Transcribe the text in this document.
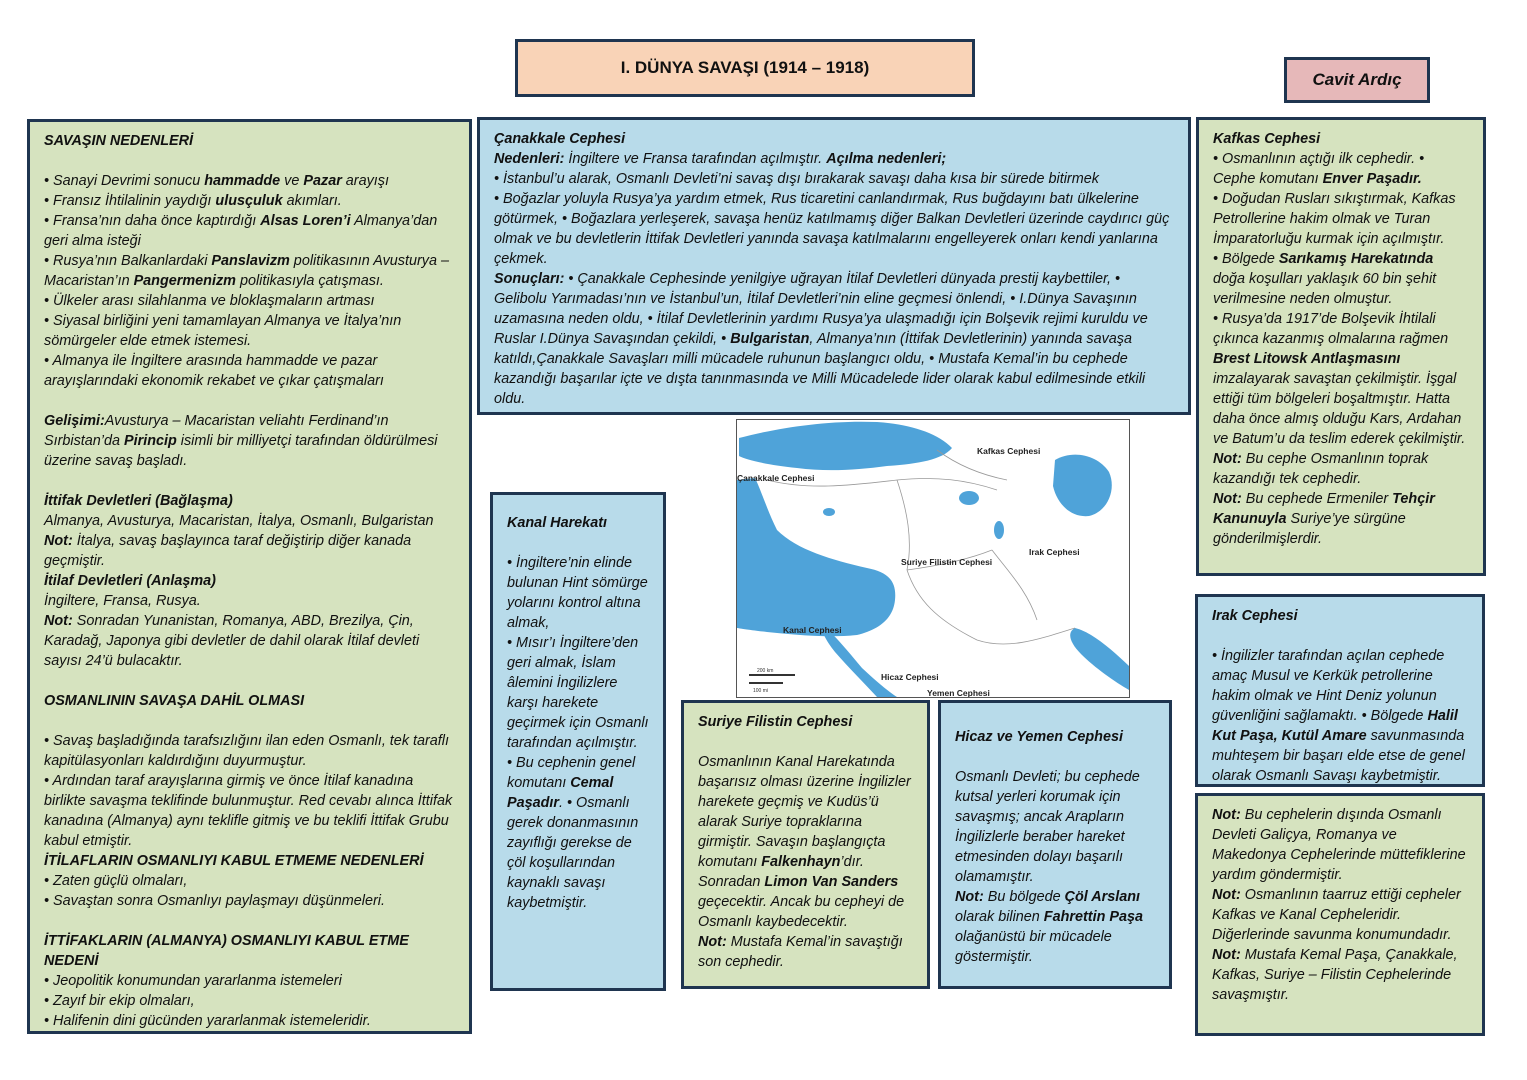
I. DÜNYA SAVAŞI (1914 – 1918)
Cavit Ardıç

SAVAŞIN NEDENLERİ

• Sanayi Devrimi sonucu hammadde ve Pazar arayışı

• Fransız İhtilalinin yaydığı ulusçuluk akımları.

• Fransa’nın daha önce kaptırdığı Alsas Loren’i Almanya’dan geri alma isteği

• Rusya’nın Balkanlardaki Panslavizm politikasının Avusturya – Macaristan’ın Pangermenizm politikasıyla çatışması.

• Ülkeler arası silahlanma ve bloklaşmaların artması

• Siyasal birliğini yeni tamamlayan Almanya ve İtalya’nın sömürgeler elde etmek istemesi.

• Almanya ile İngiltere arasında hammadde ve pazar arayışlarındaki ekonomik rekabet ve çıkar çatışmaları

Gelişimi:Avusturya – Macaristan veliahtı Ferdinand’ın Sırbistan’da Pirincip isimli bir milliyetçi tarafından öldürülmesi üzerine savaş başladı.

İttifak Devletleri (Bağlaşma)

Almanya, Avusturya, Macaristan, İtalya, Osmanlı, Bulgaristan

Not: İtalya, savaş başlayınca taraf değiştirip diğer kanada geçmiştir.

İtilaf Devletleri (Anlaşma)

İngiltere, Fransa, Rusya.

Not: Sonradan Yunanistan, Romanya, ABD, Brezilya, Çin, Karadağ, Japonya gibi devletler de dahil olarak İtilaf devleti sayısı 24’ü bulacaktır.

OSMANLININ SAVAŞA DAHİL OLMASI

• Savaş başladığında tarafsızlığını ilan eden Osmanlı, tek taraflı kapitülasyonları kaldırdığını duyurmuştur.

• Ardından taraf arayışlarına girmiş ve önce İtilaf kanadına birlikte savaşma teklifinde bulunmuştur. Red cevabı alınca İttifak kanadına (Almanya) aynı teklifle gitmiş ve bu teklifi İttifak Grubu kabul etmiştir.

İTİLAFLARIN OSMANLIYI KABUL ETMEME NEDENLERİ

• Zaten güçlü olmaları,

• Savaştan sonra Osmanlıyı paylaşmayı düşünmeleri.

İTTİFAKLARIN (ALMANYA) OSMANLIYI KABUL ETME NEDENİ

• Jeopolitik konumundan yararlanma istemeleri

• Zayıf bir ekip olmaları,

• Halifenin dini gücünden yararlanmak istemeleridir.

Çanakkale Cephesi

Nedenleri: İngiltere ve Fransa tarafından açılmıştır. Açılma nedenleri;

• İstanbul’u alarak, Osmanlı Devleti’ni savaş dışı bırakarak savaşı daha kısa bir sürede bitirmek

• Boğazlar yoluyla Rusya’ya yardım etmek, Rus ticaretini canlandırmak, Rus buğdayını batı ülkelerine götürmek, • Boğazlara yerleşerek, savaşa henüz katılmamış diğer Balkan Devletleri üzerinde caydırıcı güç olmak ve bu devletlerin İttifak Devletleri yanında savaşa katılmalarını engelleyerek onları kendi yanlarına çekmek.

Sonuçları: • Çanakkale Cephesinde yenilgiye uğrayan İtilaf Devletleri dünyada prestij kaybettiler, • Gelibolu Yarımadası’nın ve İstanbul’un, İtilaf Devletleri’nin eline geçmesi önlendi, • I.Dünya Savaşının uzamasına neden oldu, • İtilaf Devletlerinin yardımı Rusya’ya ulaşmadığı için Bolşevik rejimi kuruldu ve Ruslar I.Dünya Savaşından çekildi, • Bulgaristan, Almanya’nın (İttifak Devletlerinin) yanında savaşa katıldı,Çanakkale Savaşları milli mücadele ruhunun başlangıcı oldu, • Mustafa Kemal’in bu cephede kazandığı başarılar içte ve dışta tanınmasında ve Milli Mücadelede lider olarak kabul edilmesinde etkili oldu.

Kafkas Cephesi

• Osmanlının açtığı ilk cephedir. • Cephe komutanı Enver Paşadır.

• Doğudan Rusları sıkıştırmak, Kafkas Petrollerine hakim olmak ve Turan İmparatorluğu kurmak için açılmıştır.

• Bölgede Sarıkamış Harekatında doğa koşulları yaklaşık 60 bin şehit verilmesine neden olmuştur.

• Rusya’da 1917’de Bolşevik İhtilali çıkınca kazanmış olmalarına rağmen Brest Litowsk Antlaşmasını imzalayarak savaştan çekilmiştir. İşgal ettiği tüm bölgeleri boşaltmıştır. Hatta daha önce almış olduğu Kars, Ardahan ve Batum’u da teslim ederek çekilmiştir.

Not: Bu cephe Osmanlının toprak kazandığı tek cephedir.

Not: Bu cephede Ermeniler Tehçir Kanunuyla Suriye’ye sürgüne gönderilmişlerdir.

Kanal Harekatı

• İngiltere’nin elinde bulunan Hint sömürge yolarını kontrol altına almak,

• Mısır’ı İngiltere’den geri almak, İslam âlemini İngilizlere karşı harekete geçirmek için Osmanlı tarafından açılmıştır.

• Bu cephenin genel komutanı Cemal Paşadır. • Osmanlı gerek donanmasının zayıflığı gerekse de çöl koşullarından kaynaklı savaşı kaybetmiştir.

Kafkas Cephesi
Çanakkale Cephesi
Irak Cephesi
Suriye Filistin Cephesi
Kanal Cephesi
Hicaz Cephesi
Yemen Cephesi
200 km
100 mi

Suriye Filistin Cephesi

Osmanlının Kanal Harekatında başarısız olması üzerine İngilizler harekete geçmiş ve Kudüs’ü alarak Suriye topraklarına girmiştir. Savaşın başlangıçta komutanı Falkenhayn’dır. Sonradan Limon Van Sanders geçecektir. Ancak bu cepheyi de Osmanlı kaybedecektir.

Not: Mustafa Kemal’in savaştığı son cephedir.

Hicaz ve Yemen Cephesi

Osmanlı Devleti; bu cephede kutsal yerleri korumak için savaşmış; ancak Arapların İngilizlerle beraber hareket etmesinden dolayı başarılı olamamıştır.

Not: Bu bölgede Çöl Arslanı olarak bilinen Fahrettin Paşa olağanüstü bir mücadele göstermiştir.

Irak Cephesi

• İngilizler tarafından açılan cephede amaç Musul ve Kerkük petrollerine hakim olmak ve Hint Deniz yolunun güvenliğini sağlamaktı. • Bölgede Halil Kut Paşa, Kutül Amare savunmasında muhteşem bir başarı elde etse de genel olarak Osmanlı Savaşı kaybetmiştir.

Not: Bu cephelerin dışında Osmanlı Devleti Galiçya, Romanya ve Makedonya Cephelerinde müttefiklerine yardım göndermiştir.

Not: Osmanlının taarruz ettiği cepheler Kafkas ve Kanal Cepheleridir. Diğerlerinde savunma konumundadır.

Not: Mustafa Kemal Paşa, Çanakkale, Kafkas, Suriye – Filistin Cephelerinde savaşmıştır.
